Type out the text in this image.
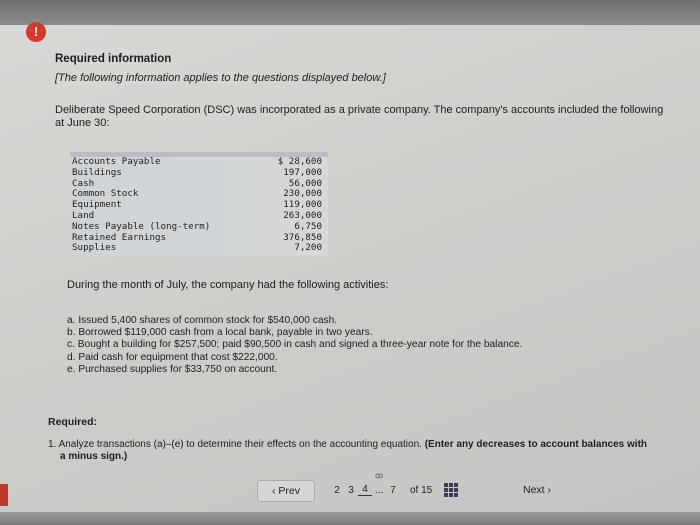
!
Required information
[The following information applies to the questions displayed below.]
Deliberate Speed Corporation (DSC) was incorporated as a private company. The company's accounts included the following at June 30:
Accounts Payable	$ 28,600
Buildings	197,000
Cash	56,000
Common Stock	230,000
Equipment	119,000
Land	263,000
Notes Payable (long-term)	6,750
Retained Earnings	376,850
Supplies	7,200
During the month of July, the company had the following activities:
a. Issued 5,400 shares of common stock for $540,000 cash.
b. Borrowed $119,000 cash from a local bank, payable in two years.
c. Bought a building for $257,500; paid $90,500 in cash and signed a three-year note for the balance.
d. Paid cash for equipment that cost $222,000.
e. Purchased supplies for $33,750 on account.
Required:
1. Analyze transactions (a)–(e) to determine their effects on the accounting equation. (Enter any decreases to account balances with
a minus sign.)
‹ Prev
ꝏ
2 3 4 ... 7	of 15	Next ›
